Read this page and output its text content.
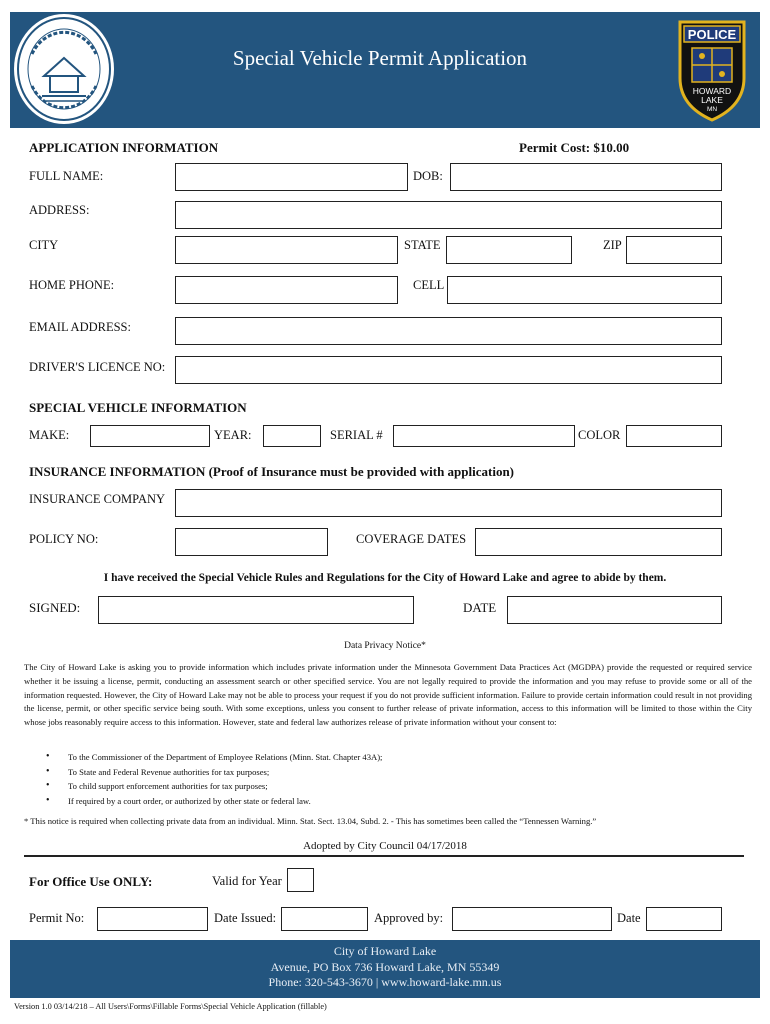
Special Vehicle Permit Application
POLICE
HOWARD
LAKE
MN
APPLICATION INFORMATION	Permit Cost: $10.00
FULL NAME:	DOB:
ADDRESS:
CITY	STATE	ZIP
HOME PHONE:	CELL
EMAIL ADDRESS:
DRIVER'S LICENCE NO:
SPECIAL VEHICLE INFORMATION
MAKE:	YEAR:	SERIAL #	COLOR
INSURANCE INFORMATION (Proof of Insurance must be provided with application)
INSURANCE COMPANY
POLICY NO:	COVERAGE DATES
I have received the Special Vehicle Rules and Regulations for the City of Howard Lake and agree to abide by them.
SIGNED:	DATE
Data Privacy Notice*
The City of Howard Lake is asking you to provide information which includes private information under the Minnesota Government Data Practices Act (MGDPA) provide the requested or required service whether it be issuing a license, permit, conducting an assessment search or other specified service. You are not legally required to provide the information and you may refuse to provide some or all of the information requested. However, the City of Howard Lake may not be able to process your request if you do not provide sufficient information. Failure to provide certain information could result in not providing the license, permit, or other specific service being south. With some exceptions, unless you consent to further release of private information, access to this information will be limited to those within the City whose jobs reasonably require access to this information. However, state and federal law authorizes release of private information without your consent to:
• To the Commissioner of the Department of Employee Relations (Minn. Stat. Chapter 43A);
• To State and Federal Revenue authorities for tax purposes;
• To child support enforcement authorities for tax purposes;
• If required by a court order, or authorized by other state or federal law.
* This notice is required when collecting private data from an individual. Minn. Stat. Sect. 13.04, Subd. 2. - This has sometimes been called the “Tennessen Warning.”
Adopted by City Council 04/17/2018
For Office Use ONLY:	Valid for Year
Permit No:	Date Issued:	Approved by:	Date
City of Howard Lake
Avenue, PO Box 736 Howard Lake, MN 55349
Phone: 320-543-3670 | www.howard-lake.mn.us
Version 1.0 03/14/218 – All Users\Forms\Fillable Forms\Special Vehicle Application (fillable)
